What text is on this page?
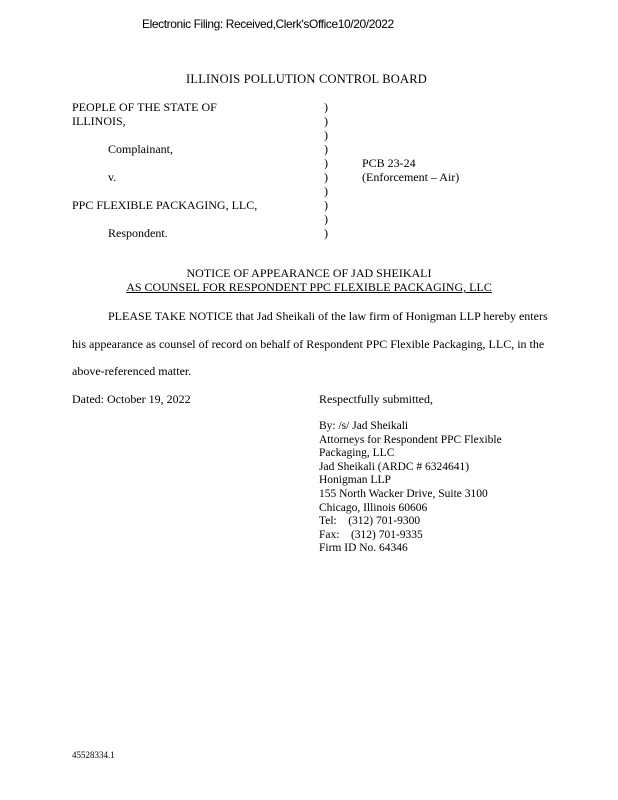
Electronic Filing: Received,Clerk'sOffice10/20/2022
ILLINOIS POLLUTION CONTROL BOARD
PEOPLE OF THE STATE OF
ILLINOIS,
Complainant,
v.
PPC FLEXIBLE PACKAGING, LLC,
Respondent.
)
)
)
)
)
)
)
)
)
)
PCB 23-24
(Enforcement – Air)
NOTICE OF APPEARANCE OF JAD SHEIKALI
AS COUNSEL FOR RESPONDENT PPC FLEXIBLE PACKAGING, LLC
PLEASE TAKE NOTICE that Jad Sheikali of the law firm of Honigman LLP hereby enters
his appearance as counsel of record on behalf of Respondent PPC Flexible Packaging, LLC, in the
above-referenced matter.
Dated: October 19, 2022	Respectfully submitted,
By: /s/ Jad Sheikali
Attorneys for Respondent PPC Flexible
Packaging, LLC
Jad Sheikali (ARDC # 6324641)
Honigman LLP
155 North Wacker Drive, Suite 3100
Chicago, Illinois 60606
Tel:    (312) 701-9300
Fax:    (312) 701-9335
Firm ID No. 64346
45528334.1
